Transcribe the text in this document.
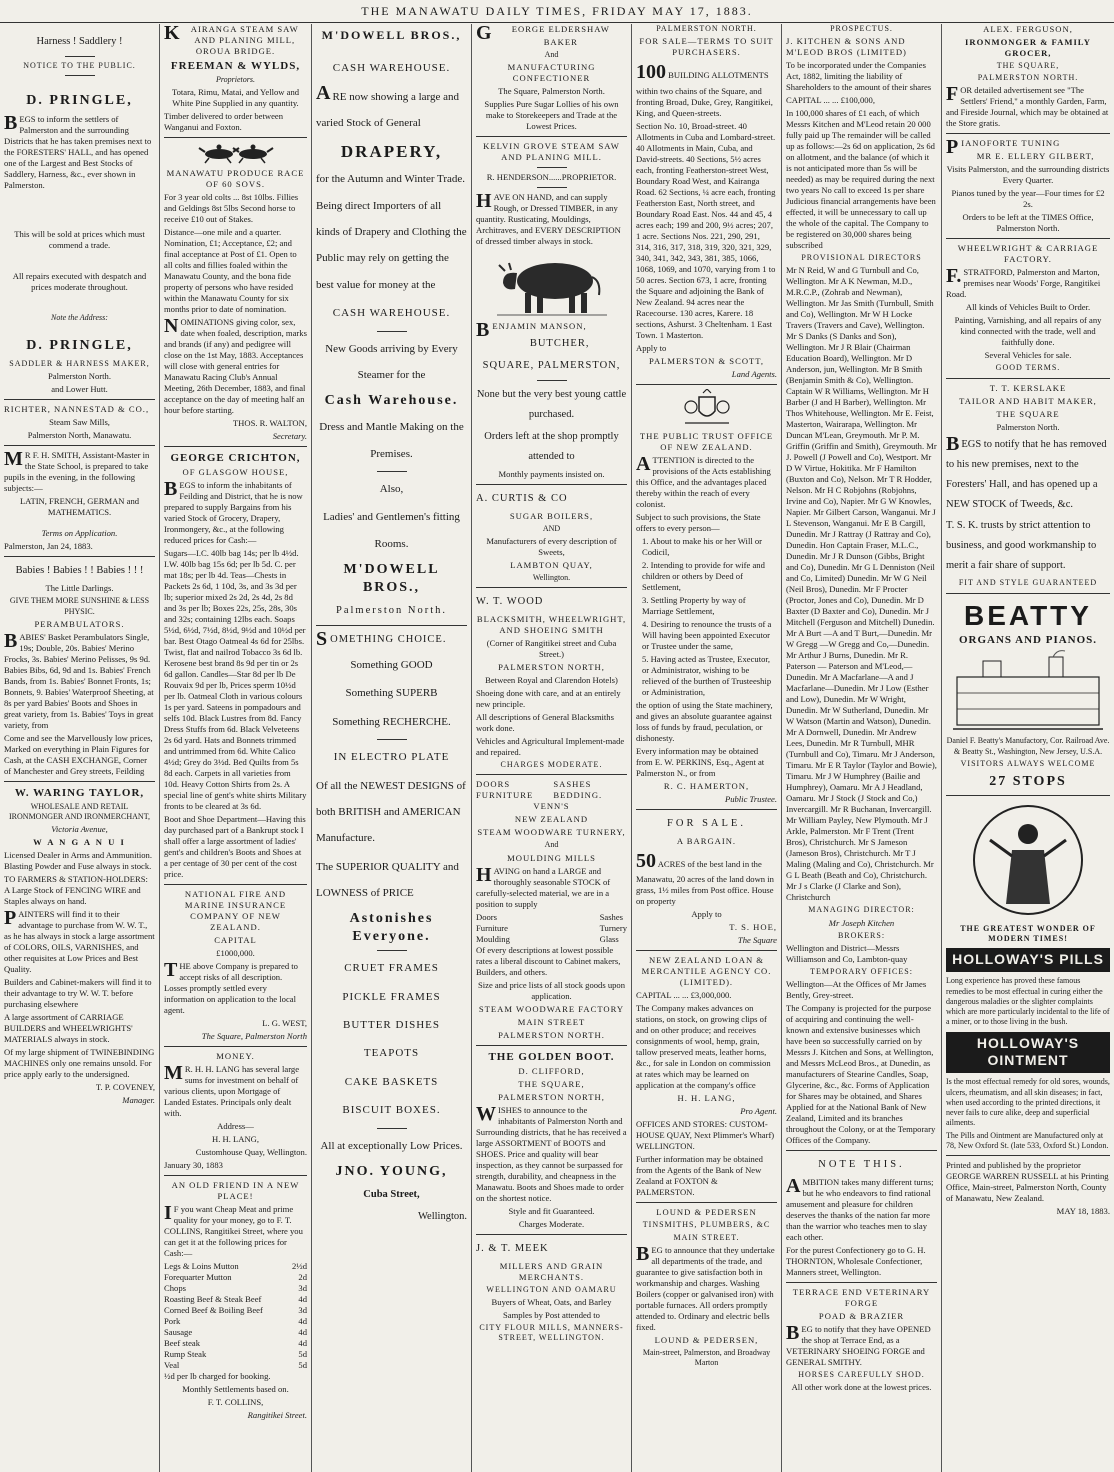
THE MANAWATU DAILY TIMES, FRIDAY MAY 17, 1883.

Harness ! Saddlery !

NOTICE TO THE PUBLIC.

D. PRINGLE,

BEGS to inform the settlers of Palmerston and the surrounding Districts that he has taken premises next to the FORESTERS' HALL, and has opened one of the Largest and Best Stocks of Saddlery, Harness, &c., ever shown in Palmerston.

This will be sold at prices which must commend a trade.

All repairs executed with despatch and prices moderate throughout.

Note the Address:

D. PRINGLE,

SADDLER & HARNESS MAKER,

Palmerston North.

and Lower Hutt.

RICHTER, NANNESTAD & CO.,

Steam Saw Mills,

Palmerston North, Manawatu.

MR F. H. SMITH, Assistant-Master in the State School, is prepared to take pupils in the evening, in the following subjects:—

LATIN, FRENCH, GERMAN and MATHEMATICS.

Terms on Application.

Palmerston, Jan 24, 1883.

Babies ! Babies ! ! Babies ! ! !

The Little Darlings.

GIVE THEM MORE SUNSHINE & LESS PHYSIC.

PERAMBULATORS.

BABIES' Basket Perambulators Single, 19s; Double, 20s. Babies' Merino Frocks, 3s. Babies' Merino Pelisses, 9s 9d. Babies Bibs, 6d, 9d and 1s. Babies' French Bands, from 1s. Babies' Bonnet Fronts, 1s; Bonnets, 9. Babies' Waterproof Sheeting, at 8s per yard Babies' Boots and Shoes in great variety, from 1s. Babies' Toys in great variety, from

Come and see the Marvellously low prices, Marked on everything in Plain Figures for Cash, at the CASH EXCHANGE, Corner of Manchester and Grey streets, Feilding

W. WARING TAYLOR,

WHOLESALE AND RETAIL IRONMONGER AND IRONMERCHANT,

Victoria Avenue,

W A N G A N U I

Licensed Dealer in Arms and Ammunition. Blasting Powder and Fuse always in stock.

TO FARMERS & STATION-HOLDERS: A Large Stock of FENCING WIRE and Staples always on hand.

PAINTERS will find it to their advantage to purchase from W. W. T., as he has always in stock a large assortment of COLORS, OILS, VARNISHES, and other requisites at Low Prices and Best Quality.

Builders and Cabinet-makers will find it to their advantage to try W. W. T. before purchasing elsewhere

A large assortment of CARRIAGE BUILDERS and WHEELWRIGHTS' MATERIALS always in stock.

Of my large shipment of TWINEBINDING MACHINES only one remains unsold. For price apply early to the undersigned.

T. P. COVENEY,

Manager.

KAIRANGA STEAM SAW AND PLANING MILL, OROUA BRIDGE.

FREEMAN & WYLDS,

Proprietors.

Totara, Rimu, Matai, and Yellow and White Pine Supplied in any quantity.

Timber delivered to order between Wanganui and Foxton.

MANAWATU PRODUCE RACE OF 60 SOVS.

For 3 year old colts ... 8st 10lbs. Fillies and Geldings 8st 5lbs Second horse to receive £10 out of Stakes.

Distance—one mile and a quarter. Nomination, £1; Acceptance, £2; and final acceptance at Post of £1. Open to all colts and fillies foaled within the Manawatu County, and the bona fide property of persons who have resided within the Manawatu County for six months prior to date of nomination.

NOMINATIONS giving color, sex, date when foaled, description, marks and brands (if any) and pedigree will close on the 1st May, 1883. Acceptances will close with general entries for Manawatu Racing Club's Annual Meeting, 26th December, 1883, and final acceptance on the day of meeting half an hour before starting.

THOS. R. WALTON,

Secretary.

GEORGE CRICHTON,

OF GLASGOW HOUSE,

BEGS to inform the inhabitants of Feilding and District, that he is now prepared to supply Bargains from his varied Stock of Grocery, Drapery, Ironmongery, &c., at the following reduced prices for Cash:—

Sugars—I.C. 40lb bag 14s; per lb 4½d. I.W. 40lb bag 15s 6d; per lb 5d. C. per mat 18s; per lb 4d. Teas—Chests in Packets 2s 6d, 1 10d, 3s, and 3s 3d per lb; superior mixed 2s 2d, 2s 4d, 2s 8d and 3s per lb; Boxes 22s, 25s, 28s, 30s and 32s; containing 12lbs each. Soaps 5½d, 6½d, 7½d, 8½d, 9½d and 10½d per bar. Best Otago Oatmeal 4s 6d for 25lbs. Twist, flat and nailrod Tobacco 3s 6d lb. Kerosene best brand 8s 9d per tin or 2s 6d gallon. Candles—Star 8d per lb De Rouvaix 9d per lb, Prices sperm 10½d per lb. Oatmeal Cloth in various colours 1s per yard. Sateens in pompadours and selfs 10d. Black Lustres from 8d. Fancy Dress Stuffs from 6d. Black Velveteens 2s 6d yard. Hats and Bonnets trimmed and untrimmed from 6d. White Calico 4½d; Grey do 3½d. Bed Quilts from 5s 8d each. Carpets in all varieties from 10d. Heavy Cotton Shirts from 2s. A special line of gent's white shirts Military fronts to be cleared at 3s 6d.

Boot and Shoe Department—Having this day purchased part of a Bankrupt stock I shall offer a large assortment of ladies' gent's and children's Boots and Shoes at a per centage of 30 per cent of the cost price.

NATIONAL FIRE AND MARINE INSURANCE COMPANY OF NEW ZEALAND.

CAPITAL

£1000,000.

THE above Company is prepared to accept risks of all description. Losses promptly settled every information on application to the local agent.

L. G. WEST,

The Square, Palmerston North

MONEY.

MR. H. H. LANG has several large sums for investment on behalf of various clients, upon Mortgage of Landed Estates. Principals only dealt with.

Address—

H. H. LANG,

Customhouse Quay, Wellington.

January 30, 1883

AN OLD FRIEND IN A NEW PLACE!

IF you want Cheap Meat and prime quality for your money, go to F. T. COLLINS, Rangitikei Street, where you can get it at the following prices for Cash:—

Legs & Loins Mutton	2½d
Forequarter Mutton	2d
Chops	3d
Roasting Beef & Steak Beef	4d
Corned Beef & Boiling Beef	3d
Pork	4d
Sausage	4d
Beef steak	4d
Rump Steak	5d
Veal	5d

½d per lb charged for booking.

Monthly Settlements based on.

F. T. COLLINS,

Rangitikei Street.

M'DOWELL BROS.,

CASH WAREHOUSE.

ARE now showing a large and varied Stock of General

DRAPERY,

for the Autumn and Winter Trade. Being direct Importers of all kinds of Drapery and Clothing the Public may rely on getting the best value for money at the

CASH WAREHOUSE.

New Goods arriving by Every Steamer for the

Cash Warehouse.

Dress and Mantle Making on the Premises.

Also,

Ladies' and Gentlemen's fitting Rooms.

M'DOWELL BROS.,

Palmerston North.

SOMETHING CHOICE.

Something GOOD

Something SUPERB

Something RECHERCHE.

IN ELECTRO PLATE

Of all the NEWEST DESIGNS of both BRITISH and AMERICAN Manufacture.

The SUPERIOR QUALITY and LOWNESS of PRICE

Astonishes Everyone.

CRUET FRAMES

PICKLE FRAMES

BUTTER DISHES

TEAPOTS

CAKE BASKETS

BISCUIT BOXES.

All at exceptionally Low Prices.

JNO. YOUNG,

Cuba Street,

Wellington.

GEORGE ELDERSHAW

BAKER

And

MANUFACTURING CONFECTIONER

The Square, Palmerston North.

Supplies Pure Sugar Lollies of his own make to Storekeepers and Trade at the Lowest Prices.

KELVIN GROVE STEAM SAW AND PLANING MILL.

R. HENDERSON......PROPRIETOR.

HAVE ON HAND, and can supply Rough, or Dressed TIMBER, in any quantity. Rusticating, Mouldings, Architraves, and EVERY DESCRIPTION of dressed timber always in stock.

BENJAMIN MANSON,

BUTCHER,

SQUARE, PALMERSTON,

None but the very best young cattle purchased.

Orders left at the shop promptly attended to

Monthly payments insisted on.

A. CURTIS & CO

SUGAR BOILERS,

AND

Manufacturers of every description of Sweets,

LAMBTON QUAY,

Wellington.

W. T. WOOD

BLACKSMITH, WHEELWRIGHT, AND SHOEING SMITH

(Corner of Rangitikei street and Cuba Street.)

PALMERSTON NORTH,

Between Royal and Clarendon Hotels)

Shoeing done with care, and at an entirely new principle.

All descriptions of General Blacksmiths work done.

Vehicles and Agricultural Implement-made and repaired.

CHARGES MODERATE.

DOORS FURNITURE
SASHES BEDDING.

VENN'S

NEW ZEALAND

STEAM WOODWARE TURNERY,

And

MOULDING MILLS

HAVING on hand a LARGE and thoroughly seasonable STOCK of carefully-selected material, we are in a position to supply

Doors
Furniture
Moulding
Sashes
Turnery
Glass

Of every descriptions at lowest possible rates a liberal discount to Cabinet makers, Builders, and others.

Size and price lists of all stock goods upon application.

STEAM WOODWARE FACTORY

MAIN STREET

PALMERSTON NORTH.

THE GOLDEN BOOT.

D. CLIFFORD,

THE SQUARE,

PALMERSTON NORTH,

WISHES to announce to the inhabitants of Palmerston North and Surrounding districts, that he has received a large ASSORTMENT of BOOTS and SHOES. Price and quality will bear inspection, as they cannot be surpassed for strength, durability, and cheapness in the Manawatu. Boots and Shoes made to order on the shortest notice.

Style and fit Guaranteed.

Charges Moderate.

J. & T. MEEK

MILLERS AND GRAIN MERCHANTS.

WELLINGTON AND OAMARU

Buyers of Wheat, Oats, and Barley

Samples by Post attended to

CITY FLOUR MILLS, MANNERS-STREET, WELLINGTON.

PALMERSTON NORTH.

FOR SALE—TERMS TO SUIT PURCHASERS.

100 BUILDING ALLOTMENTS within two chains of the Square, and fronting Broad, Duke, Grey, Rangitikei, King, and Queen-streets.

Section No. 10, Broad-street. 40 Allotments in Cuba and Lombard-street. 40 Allotments in Main, Cuba, and David-streets. 40 Sections, 5½ acres each, fronting Featherston-street West, Boundary Road West, and Kairanga Road. 62 Sections, ¼ acre each, fronting Featherston East, North street, and Boundary Road East. Nos. 44 and 45, 4 acres each; 199 and 200, 9½ acres; 207, 1 acre. Sections Nos. 221, 290, 291, 314, 316, 317, 318, 319, 320, 321, 329, 340, 341, 342, 343, 381, 385, 1066, 1068, 1069, and 1070, varying from 1 to 50 acres. Section 673, 1 acre, fronting the Square and adjoining the Bank of New Zealand. 94 acres near the Racecourse. 130 acres, Karere. 18 sections, Ashurst. 3 Cheltenham. 1 East Town. 1 Masterton.

Apply to

PALMERSTON & SCOTT,

Land Agents.

THE PUBLIC TRUST OFFICE OF NEW ZEALAND.

ATTENTION is directed to the provisions of the Acts establishing this Office, and the advantages placed thereby within the reach of every colonist.

Subject to such provisions, the State offers to every person—

1. About to make his or her Will or Codicil,

2. Intending to provide for wife and children or others by Deed of Settlement,

3. Settling Property by way of Marriage Settlement,

4. Desiring to renounce the trusts of a Will having been appointed Executor or Trustee under the same,

5. Having acted as Trustee, Executor, or Administrator, wishing to be relieved of the burthen of Trusteeship or Administration,

the option of using the State machinery, and gives an absolute guarantee against loss of funds by fraud, peculation, or dishonesty.

Every information may be obtained from E. W. PERKINS, Esq., Agent at Palmerston N., or from

R. C. HAMERTON,

Public Trustee.

FOR SALE.

A BARGAIN.

50 ACRES of the best land in the Manawatu, 20 acres of the land down in grass, 1½ miles from Post office. House on property

Apply to

T. S. HOE,

The Square

NEW ZEALAND LOAN & MERCANTILE AGENCY CO. (LIMITED).

CAPITAL ... ... £3,000,000.

The Company makes advances on stations, on stock, on growing clips of and on other produce; and receives consignments of wool, hemp, grain, tallow preserved meats, leather horns, &c., for sale in London on commission at rates which may be learned on application at the company's office

H. H. LANG,

Pro Agent.

OFFICES AND STORES: CUSTOM-HOUSE QUAY, Next Plimmer's Wharf) WELLINGTON.

Further information may be obtained from the Agents of the Bank of New Zealand at FOXTON & PALMERSTON.

LOUND & PEDERSEN

TINSMITHS, PLUMBERS, &C

MAIN STREET.

BEG to announce that they undertake all departments of the trade, and guarantee to give satisfaction both in workmanship and charges. Washing Boilers (copper or galvanised iron) with portable furnaces. All orders promptly attended to. Ordinary and electric bells fixed.

LOUND & PEDERSEN,

Main-street, Palmerston, and Broadway Marton

PROSPECTUS.

J. KITCHEN & SONS AND M'LEOD BROS (LIMITED)

To be incorporated under the Companies Act, 1882, limiting the liability of Shareholders to the amount of their shares

CAPITAL ... ... £100,000,

In 100,000 shares of £1 each, of which Messrs Kitchen and M'Leod retain 20 000 fully paid up The remainder will be called up as follows:—2s 6d on application, 2s 6d on allotment, and the balance (of which it is not anticipated more than 5s will be needed) as may be required during the next two years No call to exceed 1s per share Judicious financial arrangements have been effected, it will be unnecessary to call up the whole of the capital. The Company to be registered on 30,000 shares being subscribed

PROVISIONAL DIRECTORS

Mr N Reid, W and G Turnbull and Co, Wellington. Mr A K Newman, M.D., M.R.C.P., (Zohrab and Newman), Wellington. Mr Jas Smith (Turnbull, Smith and Co), Wellington. Mr W H Locke Travers (Travers and Cave), Wellington. Mr S Danks (S Danks and Son), Wellington. Mr J R Blair (Chairman Education Board), Wellington. Mr D Anderson, jun, Wellington. Mr B Smith (Benjamin Smith & Co), Wellington. Captain W R Williams, Wellington. Mr H Barber (J and H Barber), Wellington. Mr Thos Whitehouse, Wellington. Mr E. Feist, Masterton, Wairarapa, Wellington. Mr Duncan M'Lean, Greymouth. Mr P. M. Griffin (Griffin and Smith), Greymouth. Mr J. Powell (J Powell and Co), Westport. Mr D W Virtue, Hokitika. Mr F Hamilton (Buxton and Co), Nelson. Mr T R Hodder, Nelson. Mr H C Robjohns (Robjohns, Irvine and Co), Napier. Mr G W Knowles, Napier. Mr Gilbert Carson, Wanganui. Mr J L Stevenson, Wanganui. Mr E B Cargill, Dunedin. Mr J Rattray (J Rattray and Co), Dunedin. Hon Captain Fraser, M.L.C., Dunedin. Mr J R Dunson (Gibbs, Bright and Co), Dunedin. Mr G L Denniston (Neil and Co, Limited) Dunedin. Mr W G Neil (Neil Bros), Dunedin. Mr F Procter (Proctor, Jones and Co), Dunedin. Mr D Baxter (D Baxter and Co), Dunedin. Mr J Mitchell (Ferguson and Mitchell) Dunedin. Mr A Burt —A and T Burt,—Dunedin. Mr W Gregg —W Gregg and Co,—Dunedin. Mr Arthur J Burns, Dunedin. Mr R. Paterson — Paterson and M'Leod,—Dunedin. Mr A Macfarlane—A and J Macfarlane—Dunedin. Mr J Low (Esther and Low), Dunedin. Mr W Wright, Dunedin. Mr W Sutherland, Dunedin. Mr W Watson (Martin and Watson), Dunedin. Mr A Dornwell, Dunedin. Mr Andrew Lees, Dunedin. Mr R Turnbull, MHR (Turnbull and Co), Timaru. Mr J Anderson, Timaru. Mr E R Taylor (Taylor and Bowie), Timaru. Mr J W Humphrey (Bailie and Humphrey), Oamaru. Mr A J Headland, Oamaru. Mr J Stock (J Stock and Co,) Invercargill. Mr R Buchanan, Invercargill. Mr William Payley, New Plymouth. Mr J Arkle, Palmerston. Mr F Trent (Trent Bros), Christchurch. Mr S Jameson (Jameson Bros), Christchurch. Mr T J Maling (Maling and Co), Christchurch. Mr G L Beath (Beath and Co), Christchurch. Mr J s Clarke (J Clarke and Son), Christchurch

MANAGING DIRECTOR:

Mr Joseph Kitchen

BROKERS:

Wellington and District—Messrs Williamson and Co, Lambton-quay

TEMPORARY OFFICES:

Wellington—At the Offices of Mr James Bently, Grey-street.

The Company is projected for the purpose of acquiring and continuing the well-known and extensive businesses which have been so successfully carried on by Messrs J. Kitchen and Sons, at Wellington, and Messrs McLeod Bros., at Dunedin, as manufacturers of Stearine Candles, Soap, Glycerine, &c., &c. Forms of Application for Shares may be obtained, and Shares Applied for at the National Bank of New Zealand, Limited and its branches throughout the Colony, or at the Temporary Offices of the Company.

NOTE THIS.

AMBITION takes many different turns; but he who endeavors to find rational amusement and pleasure for children deserves the thanks of the nation far more than the warrior who teaches men to slay each other.

For the purest Confectionery go to G. H. THORNTON, Wholesale Confectioner, Manners street, Wellington.

TERRACE END VETERINARY FORGE

POAD & BRAZIER

BEG to notify that they have OPENED the shop at Terrace End, as a VETERINARY SHOEING FORGE and GENERAL SMITHY.

HORSES CAREFULLY SHOD.

All other work done at the lowest prices.

ALEX. FERGUSON,

IRONMONGER & FAMILY GROCER,

THE SQUARE,

PALMERSTON NORTH.

FOR detailed advertisement see "The Settlers' Friend," a monthly Garden, Farm, and Fireside Journal, which may be obtained at the Store gratis.

PIANOFORTE TUNING

MR E. ELLERY GILBERT,

Visits Palmerston, and the surrounding districts Every Quarter.

Pianos tuned by the year—Four times for £2 2s.

Orders to be left at the TIMES Office, Palmerston North.

WHEELWRIGHT & CARRIAGE FACTORY.

F.STRATFORD, Palmerston and Marton, premises near Woods' Forge, Rangitikei Road.

All kinds of Vehicles Built to Order.

Painting, Varnishing, and all repairs of any kind connected with the trade, well and faithfully done.

Several Vehicles for sale.

GOOD TERMS.

T. T. KERSLAKE

TAILOR AND HABIT MAKER,

THE SQUARE

Palmerston North.

BEGS to notify that he has removed to his new premises, next to the Foresters' Hall, and has opened up a NEW STOCK of Tweeds, &c.

T. S. K. trusts by strict attention to business, and good workmanship to merit a fair share of support.

FIT AND STYLE GUARANTEED

BEATTY
ORGANS AND PIANOS.

Daniel F. Beatty's Manufactory, Cor. Railroad Ave. & Beatty St., Washington, New Jersey, U.S.A.

VISITORS ALWAYS WELCOME

27 STOPS

THE GREATEST WONDER OF MODERN TIMES!

HOLLOWAY'S PILLS

Long experience has proved these famous remedies to be most effectual in curing either the dangerous maladies or the slighter complaints which are more particularly incidental to the life of a miner, or to those living in the bush.

HOLLOWAY'S OINTMENT

Is the most effectual remedy for old sores, wounds, ulcers, rheumatism, and all skin diseases; in fact, when used according to the printed directions, it never fails to cure alike, deep and superficial ailments.

The Pills and Ointment are Manufactured only at 78, New Oxford St. (late 533, Oxford St.) London.

Printed and published by the proprietor GEORGE WARREN RUSSELL at his Printing Office, Main-street, Palmerston North, County of Manawatu, New Zealand.

MAY 18, 1883.
